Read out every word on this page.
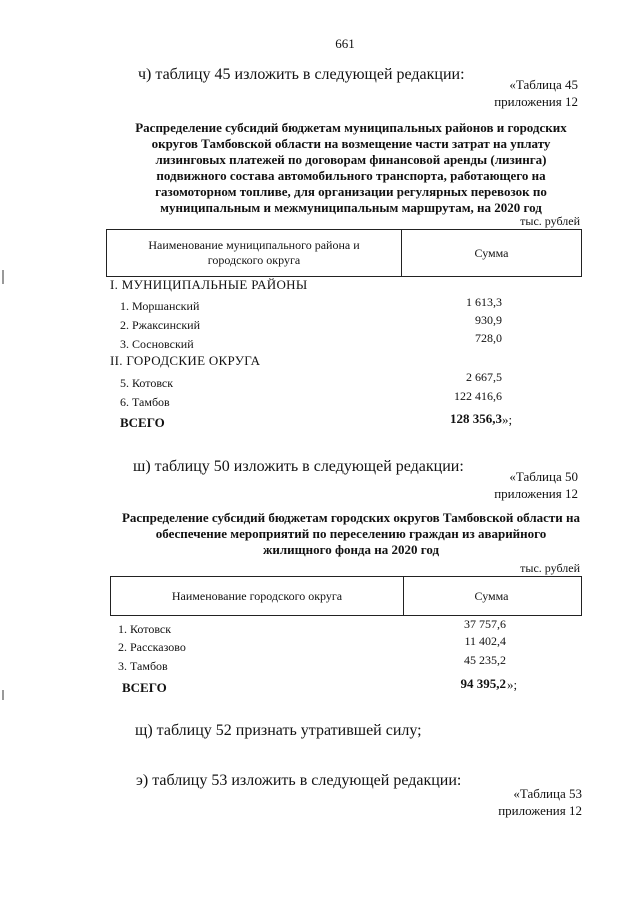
661
ч) таблицу 45 изложить в следующей редакции:
«Таблица 45
приложения 12
Распределение субсидий бюджетам муниципальных районов и городских округов Тамбовской области на возмещение части затрат на уплату лизинговых платежей по договорам финансовой аренды (лизинга) подвижного состава автомобильного транспорта, работающего на газомоторном топливе, для организации регулярных перевозок по муниципальным и межмуниципальным маршрутам, на 2020 год
тыс. рублей
Наименование муниципального района и городского округа
Сумма
I. МУНИЦИПАЛЬНЫЕ РАЙОНЫ
1. Моршанский	1 613,3
2. Ржаксинский	930,9
3. Сосновский	728,0
II. ГОРОДСКИЕ ОКРУГА
5. Котовск	2 667,5
6. Тамбов	122 416,6
ВСЕГО	128 356,3 »;
ш) таблицу 50 изложить в следующей редакции:
«Таблица 50
приложения 12
Распределение субсидий бюджетам городских округов Тамбовской области на обеспечение мероприятий по переселению граждан из аварийного жилищного фонда на 2020 год
тыс. рублей
Наименование городского округа	Сумма
1. Котовск	37 757,6
2. Рассказово	11 402,4
3. Тамбов	45 235,2
ВСЕГО	94 395,2 »;
щ) таблицу 52 признать утратившей силу;
э) таблицу 53 изложить в следующей редакции:
«Таблица 53
приложения 12
